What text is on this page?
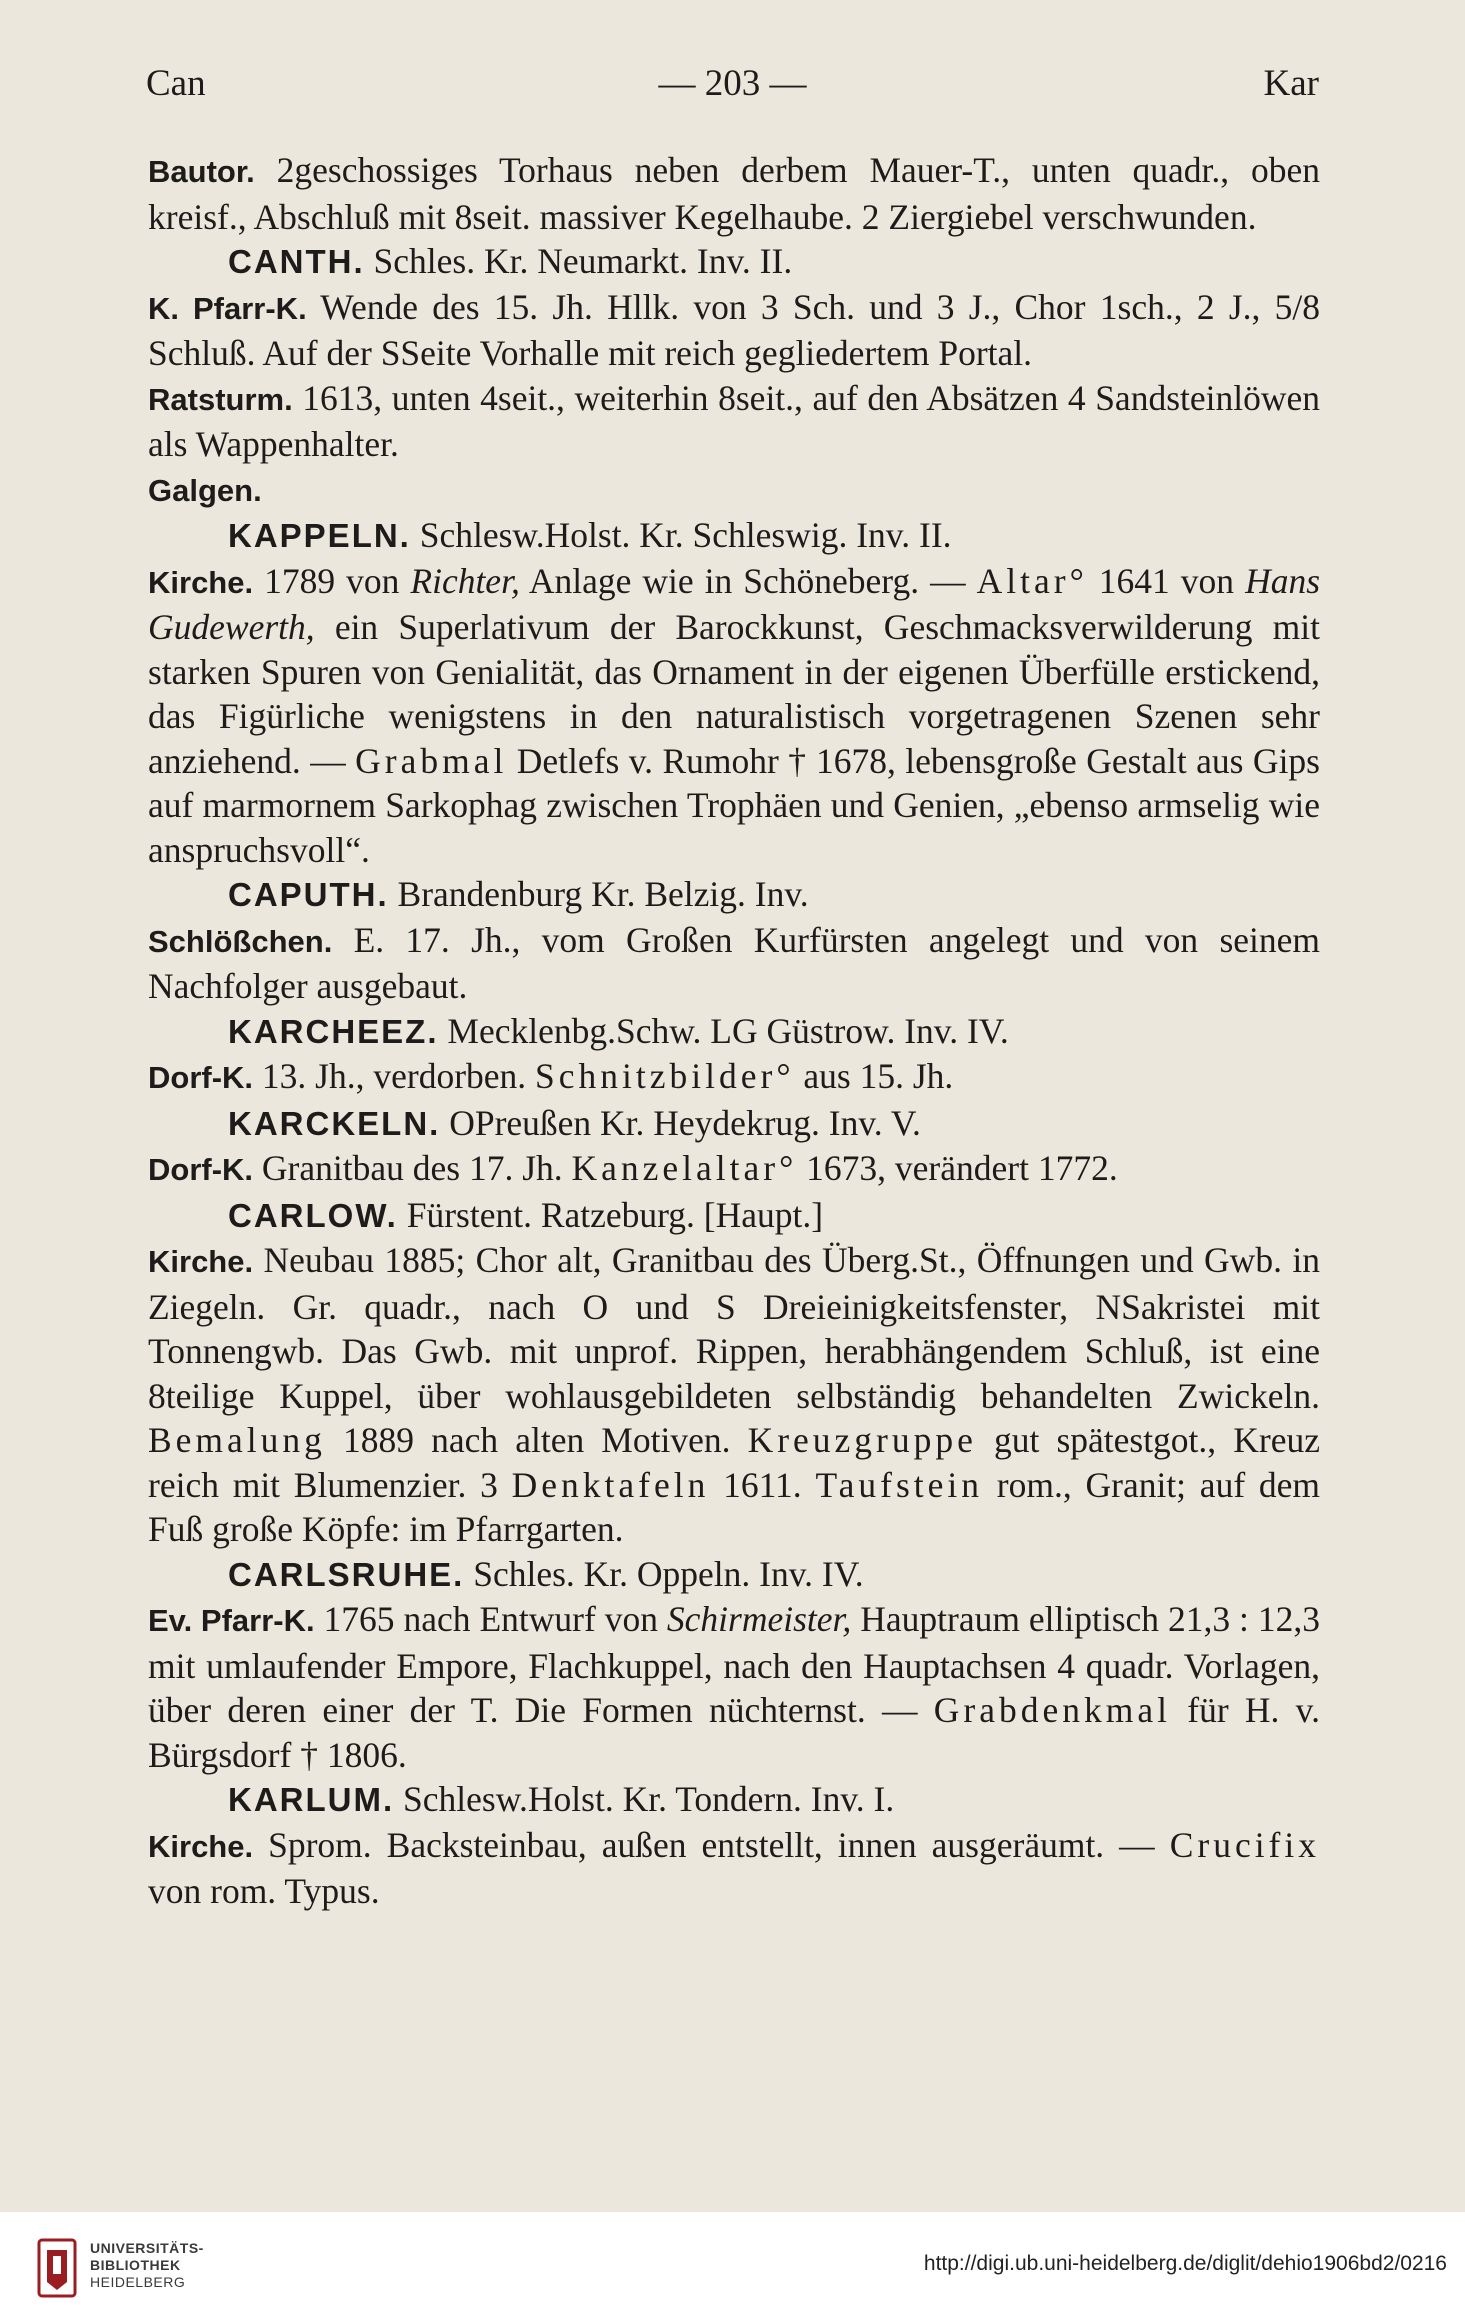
Can	— 203 —	Kar

Bautor. 2geschossiges Torhaus neben derbem Mauer-T., unten quadr., oben kreisf., Abschluß mit 8seit. massiver Kegelhaube. 2 Ziergiebel verschwunden.

CANTH. Schles. Kr. Neumarkt. Inv. II.

K. Pfarr-K. Wende des 15. Jh. Hllk. von 3 Sch. und 3 J., Chor 1sch., 2 J., 5/8 Schluß. Auf der SSeite Vorhalle mit reich gegliedertem Portal.

Ratsturm. 1613, unten 4seit., weiterhin 8seit., auf den Absätzen 4 Sandsteinlöwen als Wappenhalter.

Galgen.

KAPPELN. Schlesw.Holst. Kr. Schleswig. Inv. II.

Kirche. 1789 von Richter, Anlage wie in Schöneberg. — Altar° 1641 von Hans Gudewerth, ein Superlativum der Barockkunst, Geschmacksverwilderung mit starken Spuren von Genialität, das Ornament in der eigenen Überfülle erstickend, das Figürliche wenigstens in den naturalistisch vorgetragenen Szenen sehr anziehend. — Grabmal Detlefs v. Rumohr † 1678, lebensgroße Gestalt aus Gips auf marmornem Sarkophag zwischen Trophäen und Genien, „ebenso armselig wie anspruchsvoll“.

CAPUTH. Brandenburg Kr. Belzig. Inv.

Schlößchen. E. 17. Jh., vom Großen Kurfürsten angelegt und von seinem Nachfolger ausgebaut.

KARCHEEZ. Mecklenbg.Schw. LG Güstrow. Inv. IV.

Dorf-K. 13. Jh., verdorben. Schnitzbilder° aus 15. Jh.

KARCKELN. OPreußen Kr. Heydekrug. Inv. V.

Dorf-K. Granitbau des 17. Jh. Kanzelaltar° 1673, verändert 1772.

CARLOW. Fürstent. Ratzeburg. [Haupt.]

Kirche. Neubau 1885; Chor alt, Granitbau des Überg.St., Öffnungen und Gwb. in Ziegeln. Gr. quadr., nach O und S Dreieinigkeitsfenster, NSakristei mit Tonnengwb. Das Gwb. mit unprof. Rippen, herabhängendem Schluß, ist eine 8teilige Kuppel, über wohlausgebildeten selbständig behandelten Zwickeln. Bemalung 1889 nach alten Motiven. Kreuzgruppe gut spätestgot., Kreuz reich mit Blumenzier. 3 Denktafeln 1611. Taufstein rom., Granit; auf dem Fuß große Köpfe: im Pfarrgarten.

CARLSRUHE. Schles. Kr. Oppeln. Inv. IV.

Ev. Pfarr-K. 1765 nach Entwurf von Schirmeister, Hauptraum elliptisch 21,3 : 12,3 mit umlaufender Empore, Flachkuppel, nach den Hauptachsen 4 quadr. Vorlagen, über deren einer der T. Die Formen nüchternst. — Grabdenkmal für H. v. Bürgsdorf † 1806.

KARLUM. Schlesw.Holst. Kr. Tondern. Inv. I.

Kirche. Sprom. Backsteinbau, außen entstellt, innen ausgeräumt. — Crucifix von rom. Typus.

UNIVERSITÄTS-
BIBLIOTHEK
HEIDELBERG
http://digi.ub.uni-heidelberg.de/diglit/dehio1906bd2/0216
